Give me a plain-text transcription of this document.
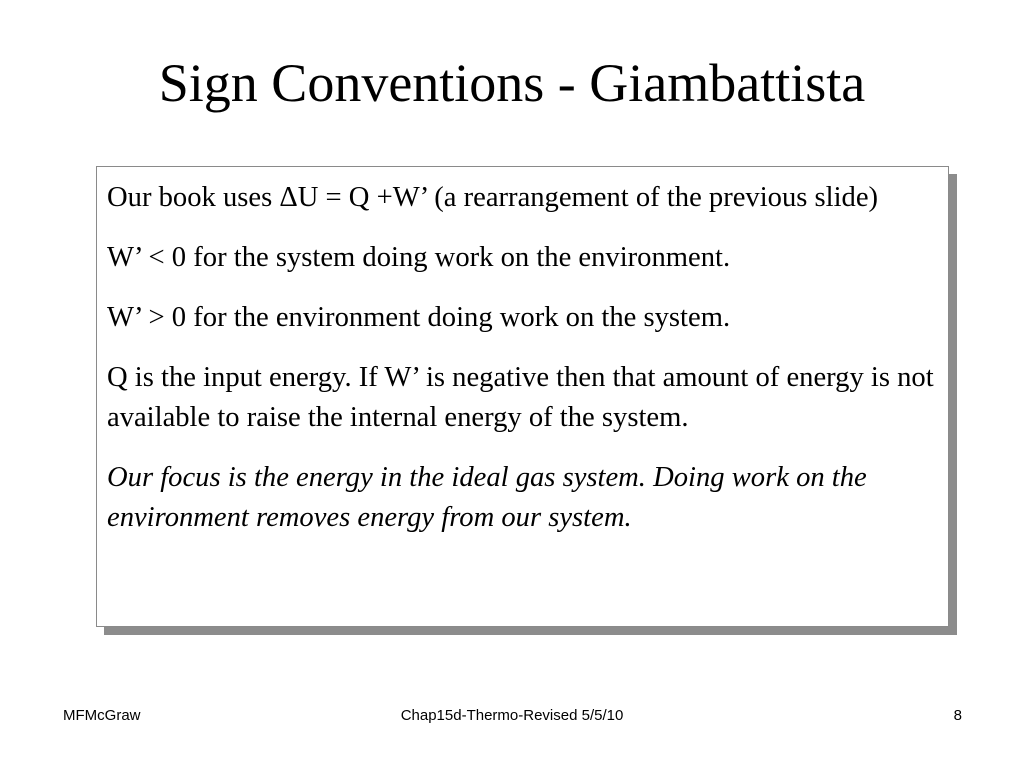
Sign Conventions - Giambattista

Our book uses ΔU = Q +W’ (a rearrangement of the previous slide)

W’ < 0 for the system doing work on the environment.

W’ > 0 for the environment doing work on the system.

Q is the input energy. If W’ is negative then that amount of energy is not available to raise the internal energy of the system.

Our focus is the energy in the ideal gas system. Doing work on the environment removes energy from our system.

MFMcGraw	Chap15d-Thermo-Revised 5/5/10	8
